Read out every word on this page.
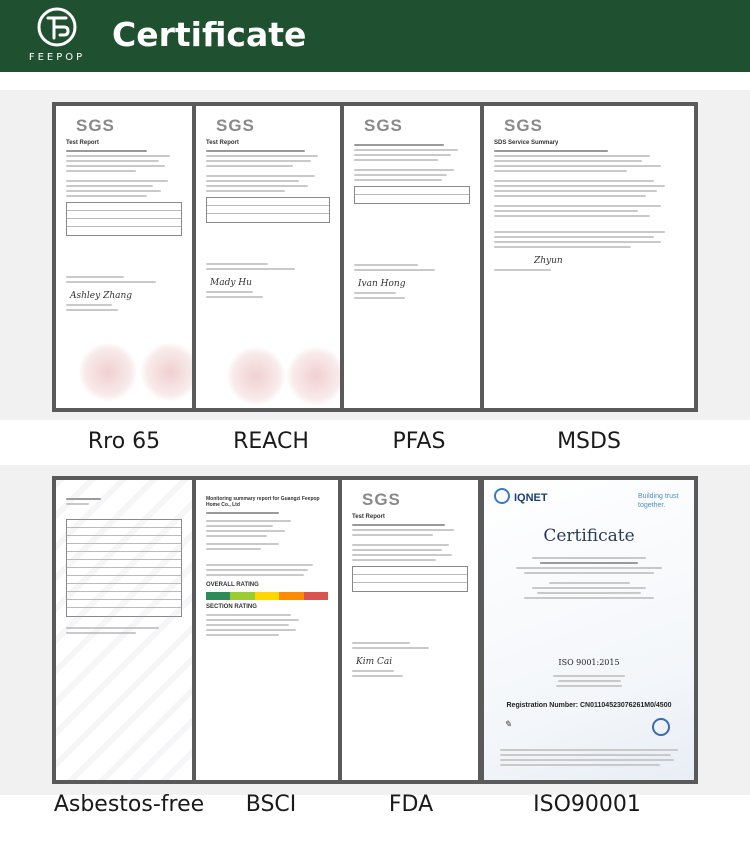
FEEPOP
Certificate
SGS
Test Report
Ashley Zhang
Rro 65
SGS
Test Report
Mady Hu
REACH
SGS
Ivan Hong
PFAS
SGS
SDS Service Summary
Zhyun
MSDS
Asbestos-free
Monitoring summary report for Guangzi Feepop Home Co., Ltd
OVERALL RATING
SECTION RATING
BSCI
SGS
Test Report
Kim Cai
FDA
IQNET	Building trust together.
Certificate
ISO 9001:2015
Registration Number: CN01104523076261M0/4500
✎
ISO90001
